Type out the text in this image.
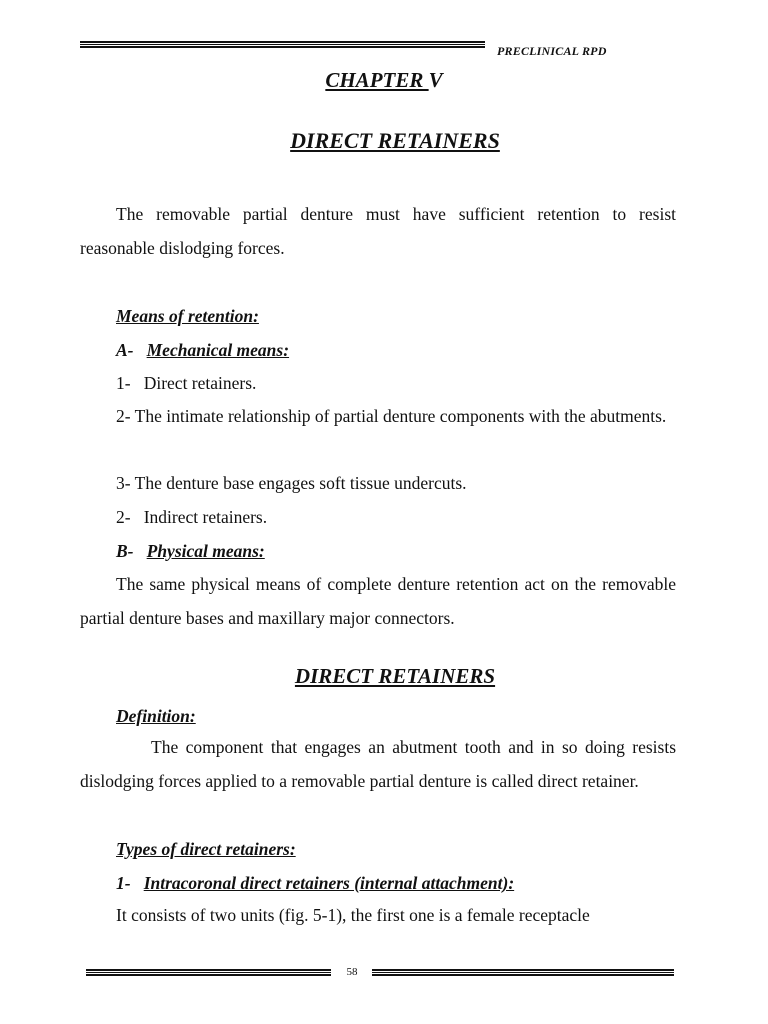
PRECLINICAL RPD
CHAPTER V
DIRECT RETAINERS
The removable partial denture must have sufficient retention to resist reasonable dislodging forces.
Means of retention:
A- Mechanical means:
1-   Direct retainers.
2- The intimate relationship of partial denture components with the abutments.
3- The denture base engages soft tissue undercuts.
2-   Indirect retainers.
B- Physical means:
The same physical means of complete denture retention act on the removable partial denture bases and maxillary major connectors.
DIRECT RETAINERS
Definition:
The component that engages an abutment tooth and in so doing resists dislodging forces applied to a removable partial denture is called direct retainer.
Types of direct retainers:
1- Intracoronal direct retainers (internal attachment):
It consists of two units (fig. 5-1), the first one is a female receptacle
58
